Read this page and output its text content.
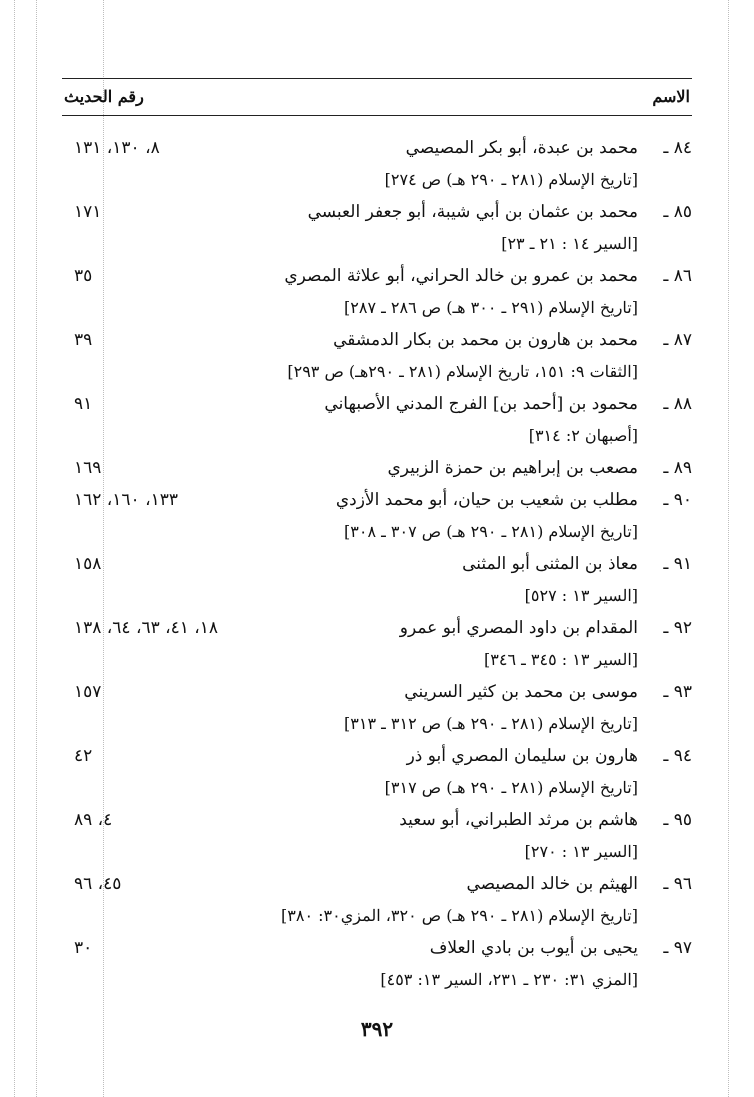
الاسم
رقم الحديث
٨٤ ـ
محمد بن عبدة، أبو بكر المصيصي
٨، ١٣٠، ١٣١
[تاريخ الإسلام (٢٨١ ـ ٢٩٠ هـ) ص ٢٧٤]
٨٥ ـ
محمد بن عثمان بن أبي شيبة، أبو جعفر العبسي
١٧١
[السير ١٤ : ٢١ ـ ٢٣]
٨٦ ـ
محمد بن عمرو بن خالد الحراني، أبو علاثة المصري
٣٥
[تاريخ الإسلام (٢٩١ ـ ٣٠٠ هـ) ص ٢٨٦ ـ ٢٨٧]
٨٧ ـ
محمد بن هارون بن محمد بن بكار الدمشقي
٣٩
[الثقات ٩: ١٥١، تاريخ الإسلام (٢٨١ ـ ٢٩٠هـ) ص ٢٩٣]
٨٨ ـ
محمود بن [أحمد بن] الفرج المدني الأصبهاني
٩١
[أصبهان ٢: ٣١٤]
٨٩ ـ
مصعب بن إبراهيم بن حمزة الزبيري
١٦٩
٩٠ ـ
مطلب بن شعيب بن حيان، أبو محمد الأزدي
١٣٣، ١٦٠، ١٦٢
[تاريخ الإسلام (٢٨١ ـ ٢٩٠ هـ) ص ٣٠٧ ـ ٣٠٨]
٩١ ـ
معاذ بن المثنى أبو المثنى
١٥٨
[السير ١٣ : ٥٢٧]
٩٢ ـ
المقدام بن داود المصري أبو عمرو
١٨، ٤١، ٦٣، ٦٤، ١٣٨
[السير ١٣ : ٣٤٥ ـ ٣٤٦]
٩٣ ـ
موسى بن محمد بن كثير السريني
١٥٧
[تاريخ الإسلام (٢٨١ ـ ٢٩٠ هـ) ص ٣١٢ ـ ٣١٣]
٩٤ ـ
هارون بن سليمان المصري أبو ذر
٤٢
[تاريخ الإسلام (٢٨١ ـ ٢٩٠ هـ) ص ٣١٧]
٩٥ ـ
هاشم بن مرثد الطبراني، أبو سعيد
٤، ٨٩
[السير ١٣ : ٢٧٠]
٩٦ ـ
الهيثم بن خالد المصيصي
٤٥، ٩٦
[تاريخ الإسلام (٢٨١ ـ ٢٩٠ هـ) ص ٣٢٠، المزي٣٠: ٣٨٠]
٩٧ ـ
يحيى بن أيوب بن بادي العلاف
٣٠
[المزي ٣١: ٢٣٠ ـ ٢٣١، السير ١٣: ٤٥٣]
٣٩٢
